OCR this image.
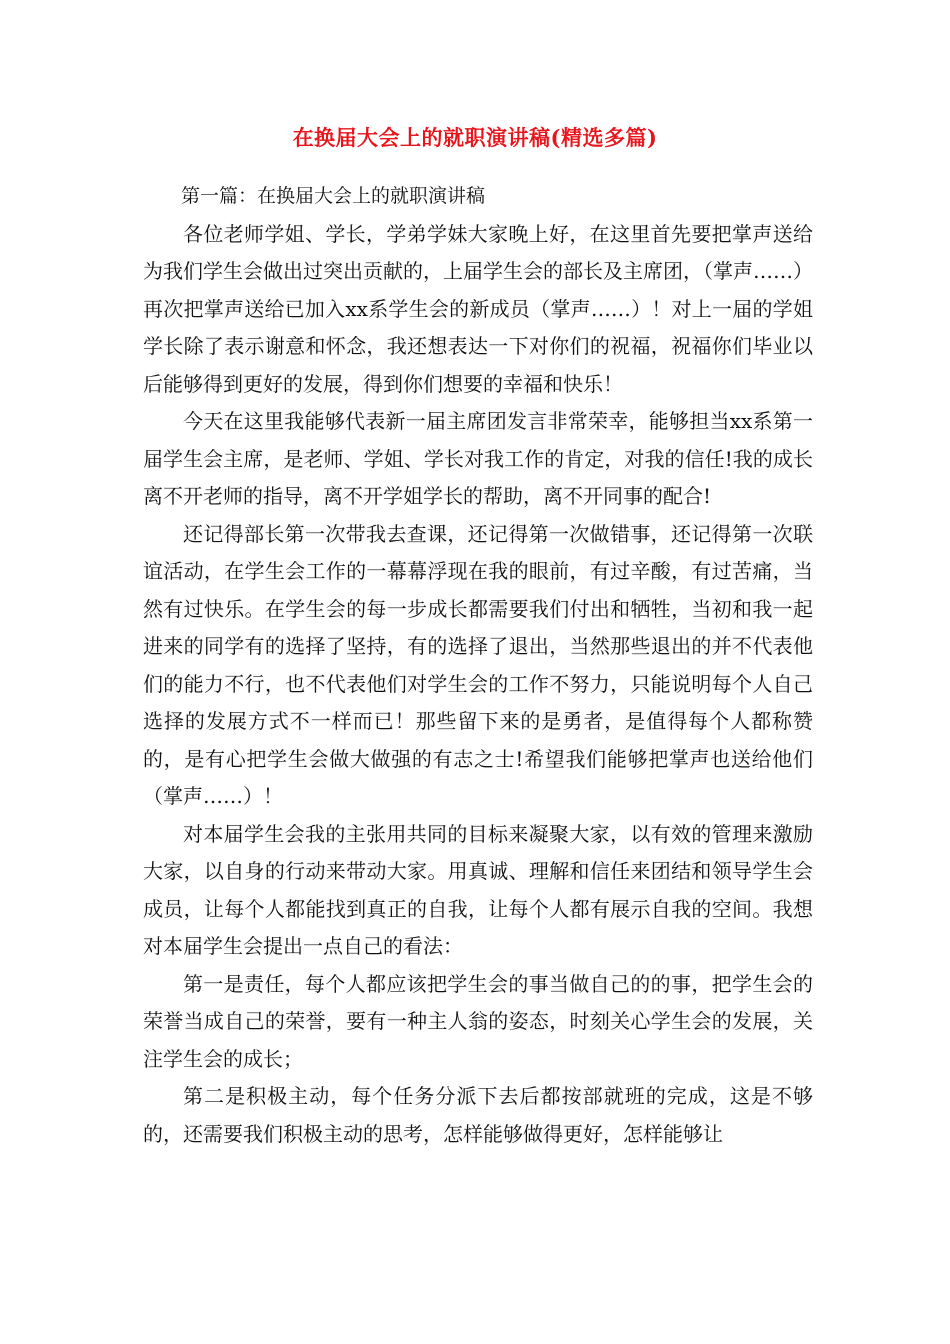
在换届大会上的就职演讲稿(精选多篇)
第一篇：在换届大会上的就职演讲稿

各位老师学姐、学长，学弟学妹大家晚上好，在这里首先要把掌声送给为我们学生会做出过突出贡献的，上届学生会的部长及主席团，（掌声……）再次把掌声送给已加入xx系学生会的新成员（掌声……）！对上一届的学姐学长除了表示谢意和怀念，我还想表达一下对你们的祝福，祝福你们毕业以后能够得到更好的发展，得到你们想要的幸福和快乐！

今天在这里我能够代表新一届主席团发言非常荣幸，能够担当xx系第一届学生会主席，是老师、学姐、学长对我工作的肯定，对我的信任!我的成长离不开老师的指导，离不开学姐学长的帮助，离不开同事的配合!

还记得部长第一次带我去查课，还记得第一次做错事，还记得第一次联谊活动，在学生会工作的一幕幕浮现在我的眼前，有过辛酸，有过苦痛，当然有过快乐。在学生会的每一步成长都需要我们付出和牺牲，当初和我一起进来的同学有的选择了坚持，有的选择了退出，当然那些退出的并不代表他们的能力不行，也不代表他们对学生会的工作不努力，只能说明每个人自己选择的发展方式不一样而已！那些留下来的是勇者，是值得每个人都称赞的，是有心把学生会做大做强的有志之士!希望我们能够把掌声也送给他们（掌声……）！

对本届学生会我的主张用共同的目标来凝聚大家，以有效的管理来激励大家，以自身的行动来带动大家。用真诚、理解和信任来团结和领导学生会成员，让每个人都能找到真正的自我，让每个人都有展示自我的空间。我想对本届学生会提出一点自己的看法：

第一是责任，每个人都应该把学生会的事当做自己的的事，把学生会的荣誉当成自己的荣誉，要有一种主人翁的姿态，时刻关心学生会的发展，关注学生会的成长；

第二是积极主动，每个任务分派下去后都按部就班的完成，这是不够的，还需要我们积极主动的思考，怎样能够做得更好，怎样能够让
